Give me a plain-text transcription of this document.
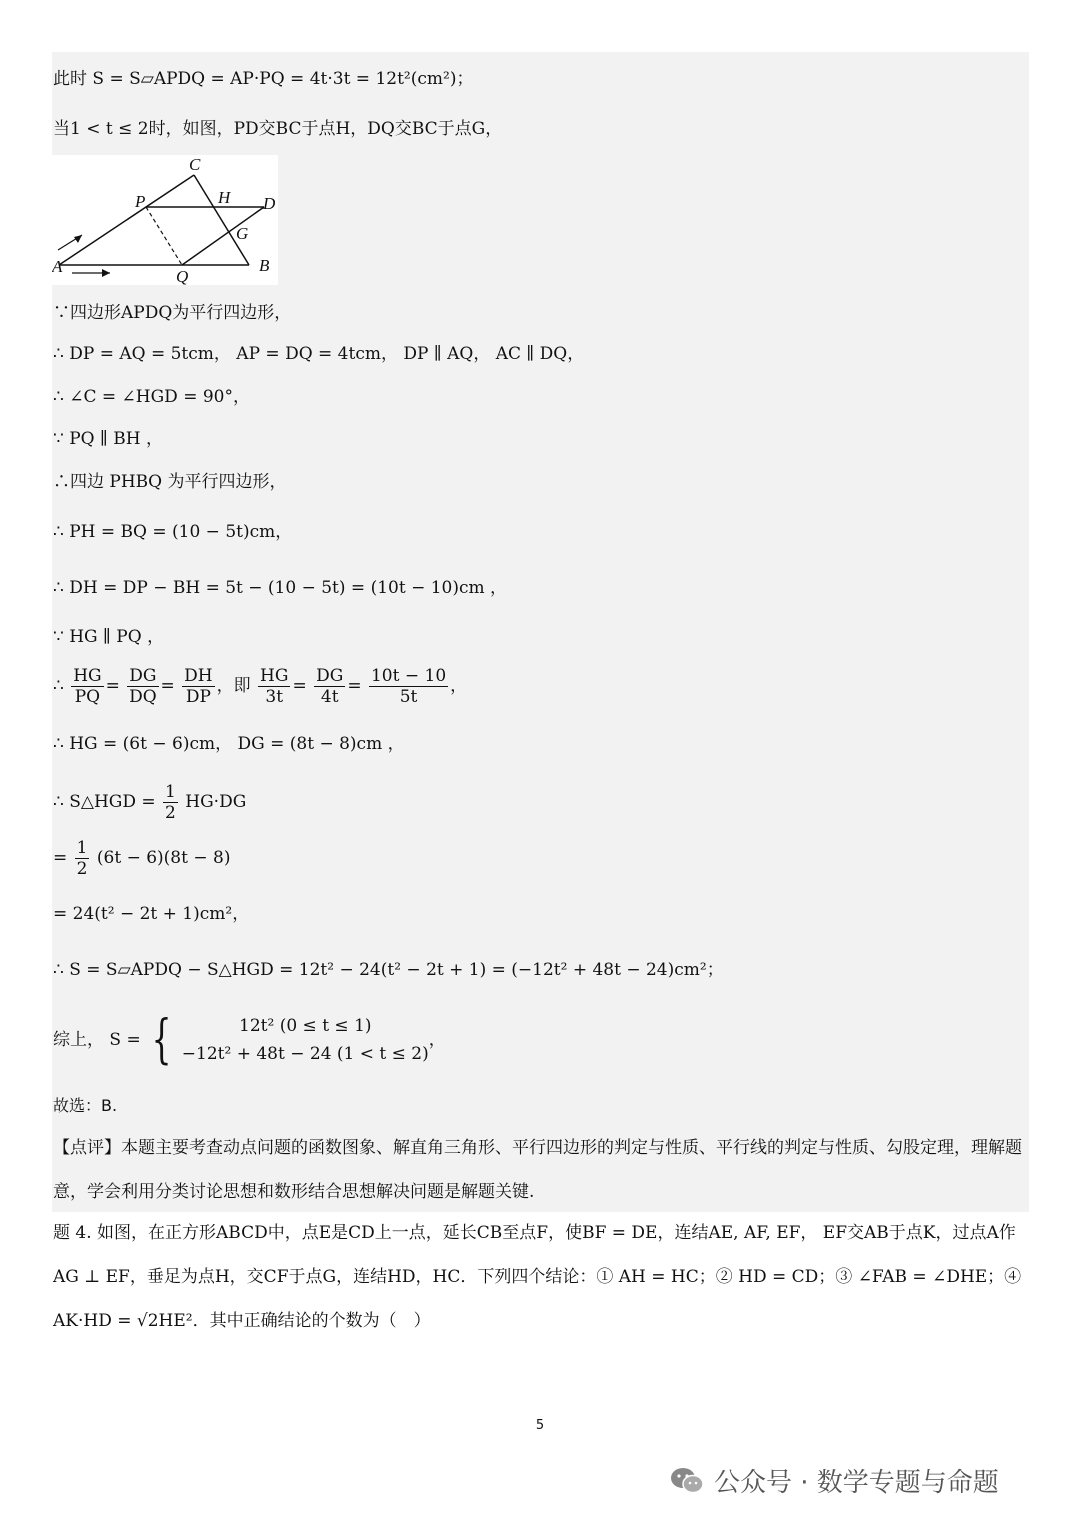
此时 S = S▱APDQ = AP·PQ = 4t·3t = 12t²(cm²)；
当1 < t ≤ 2时，如图，PD交BC于点H，DQ交BC于点G，
C
P	H D
G
A
Q
B
∵四边形APDQ为平行四边形，
∴ DP = AQ = 5tcm， AP = DQ = 4tcm， DP ∥ AQ， AC ∥ DQ，
∴ ∠C = ∠HGD = 90°，
∵ PQ ∥ BH ，
∴四边 PHBQ 为平行四边形，
∴ PH = BQ = (10 − 5t)cm，
∴ DH = DP − BH = 5t − (10 − 5t) = (10t − 10)cm ，
∵ HG ∥ PQ ，
∴ $\frac{HG}{PQ} = \frac{DG}{DQ} = \frac{DH}{DP}$ ，即 $\frac{HG}{3t} = \frac{DG}{4t} = \frac{10t - 10}{5t}$ ，
∴ HG = (6t − 6)cm， DG = (8t − 8)cm ，
∴ S△HGD = $\frac{1}{2} HG\cdot DG$
= $\frac{1}{2} (6t - 6)(8t - 8)$
= 24(t² − 2t + 1)cm²，
∴ S = S▱APDQ − S△HGD = 12t² − 24(t² − 2t + 1) = (−12t² + 48t − 24)cm²；
综上， S = {	12t² (0 ≤ t ≤ 1)
−12t² + 48t − 24 (1 < t ≤ 2)
，
故选：B.
【点评】本题主要考查动点问题的函数图象、解直角三角形、平行四边形的判定与性质、平行线的判定与性质、勾股定理，理解题意，学会利用分类讨论思想和数形结合思想解决问题是解题关键.
题 4. 如图，在正方形ABCD中，点E是CD上一点，延长CB至点F，使BF = DE，连结AE, AF, EF， EF交AB于点K，过点A作AG ⊥ EF，垂足为点H，交CF于点G，连结HD，HC．下列四个结论：① AH = HC；② HD = CD；③ ∠FAB = ∠DHE；④ AK·HD = √2HE²．其中正确结论的个数为（　）
5
公众号 · 数学专题与命题
